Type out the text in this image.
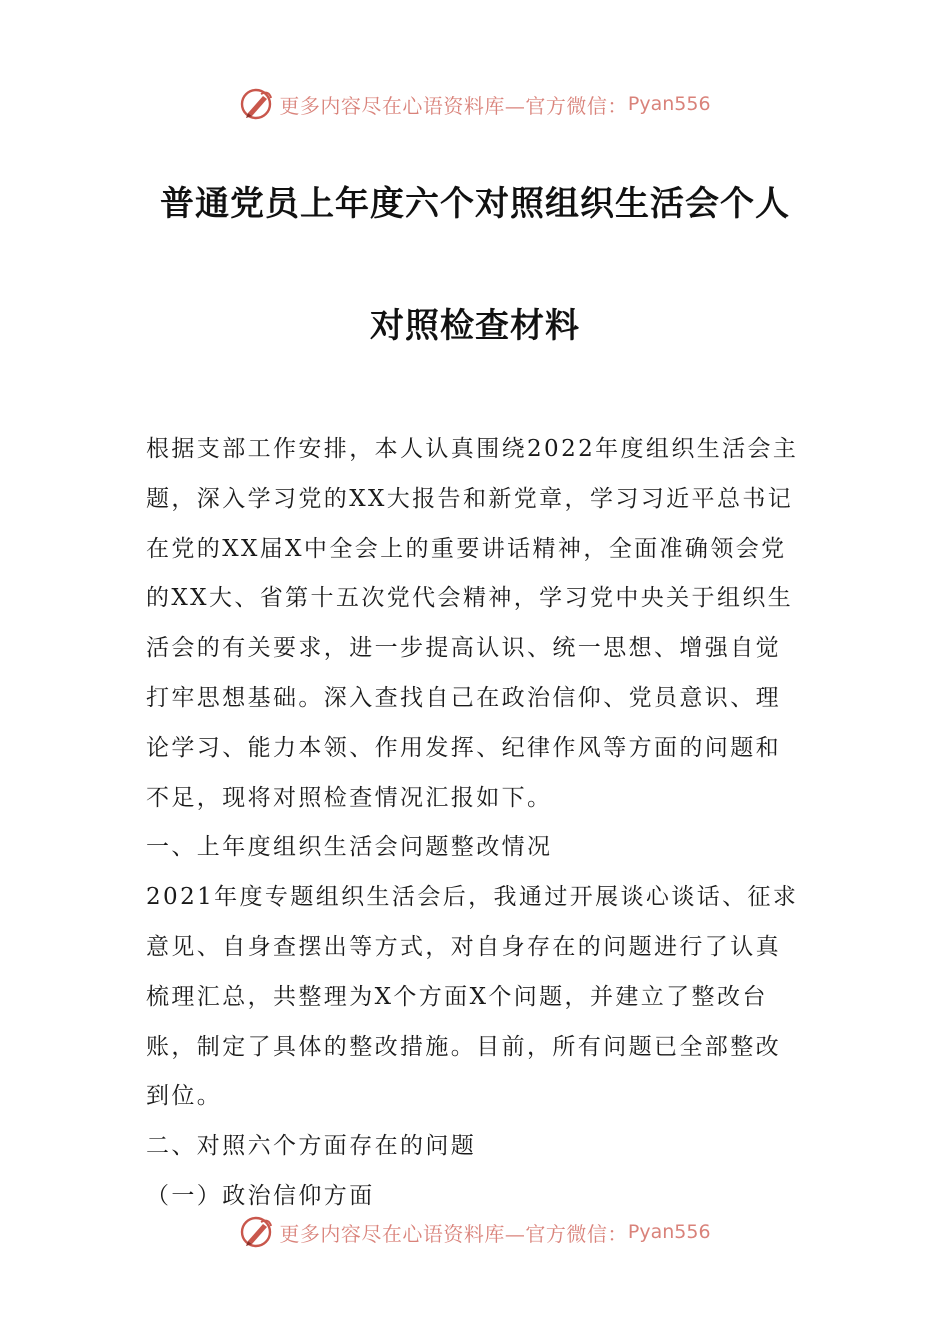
更多内容尽在心语资料库—官方微信： Pyan556
普通党员上年度六个对照组织生活会个人
对照检查材料

根据支部工作安排，本人认真围绕2022年度组织生活会主题，深入学习党的XX大报告和新党章，学习习近平总书记在党的XX届X中全会上的重要讲话精神，全面准确领会党的XX大、省第十五次党代会精神，学习党中央关于组织生活会的有关要求，进一步提高认识、统一思想、增强自觉打牢思想基础。深入查找自己在政治信仰、党员意识、理论学习、能力本领、作用发挥、纪律作风等方面的问题和不足，现将对照检查情况汇报如下。

一、上年度组织生活会问题整改情况

2021年度专题组织生活会后，我通过开展谈心谈话、征求意见、自身查摆出等方式，对自身存在的问题进行了认真梳理汇总，共整理为X个方面X个问题，并建立了整改台账，制定了具体的整改措施。目前，所有问题已全部整改到位。

二、对照六个方面存在的问题

（一）政治信仰方面

更多内容尽在心语资料库—官方微信： Pyan556
